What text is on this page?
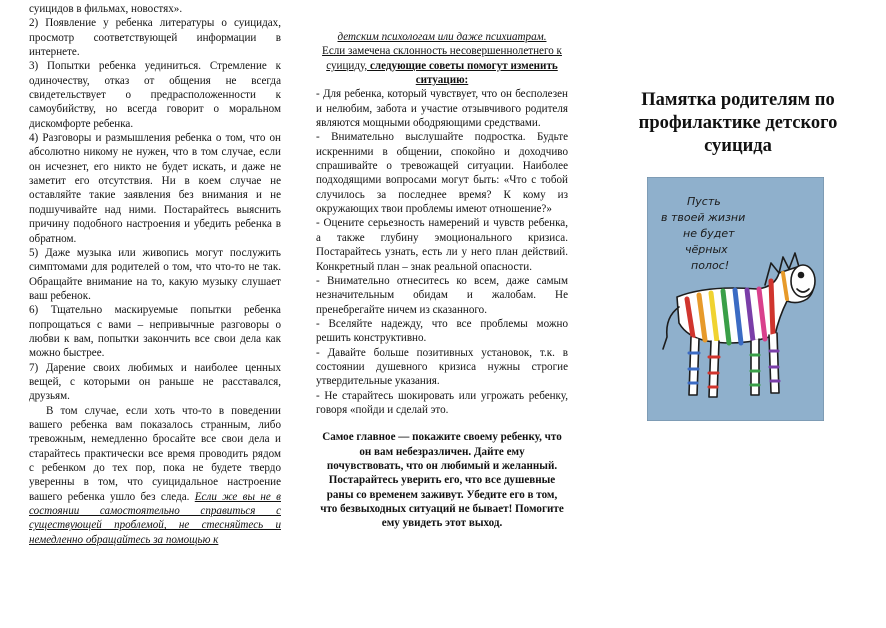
суицидов в фильмах, новостях».

2) Появление у ребенка литературы о суицидах, просмотр соответствующей информации в интернете.

3) Попытки ребенка уединиться. Стремление к одиночеству, отказ от общения не всегда свидетельствует о предрасположенности к самоубийству, но всегда говорит о моральном дискомфорте ребенка.

4) Разговоры и размышления ребенка о том, что он абсолютно никому не нужен, что в том случае, если он исчезнет, его никто не будет искать, и даже не заметит его отсутствия. Ни в коем случае не оставляйте такие заявления без внимания и не подшучивайте над ними. Постарайтесь выяснить причину подобного настроения и убедить ребенка в обратном.

5) Даже музыка или живопись могут послужить симптомами для родителей о том, что что-то не так. Обращайте внимание на то, какую музыку слушает ваш ребенок.

6) Тщательно маскируемые попытки ребенка попрощаться с вами – непривычные разговоры о любви к вам, попытки закончить все свои дела как можно быстрее.

7) Дарение своих любимых и наиболее ценных вещей, с которыми он раньше не расставался, друзьям.

В том случае, если хоть что-то в поведении вашего ребенка вам показалось странным, либо тревожным, немедленно бросайте все свои дела и старайтесь практически все время проводить рядом с ребенком до тех пор, пока не будете твердо уверенны в том, что суицидальное настроение вашего ребенка ушло без следа. Если же вы не в состоянии самостоятельно справиться с существующей проблемой, не стесняйтесь и немедленно обращайтесь за помощью к

детским психологам или даже психиатрам.

Если замечена склонность несовершеннолетнего к суициду, следующие советы помогут изменить ситуацию:

- Для ребенка, который чувствует, что он бесполезен и нелюбим, забота и участие отзывчивого родителя являются мощными ободряющими средствами.

- Внимательно выслушайте подростка. Будьте искренними в общении, спокойно и доходчиво спрашивайте о тревожащей ситуации. Наиболее подходящими вопросами могут быть: «Что с тобой случилось за последнее время? К кому из окружающих твои проблемы имеют отношение?»

- Оцените серьезность намерений и чувств ребенка, а также глубину эмоционального кризиса. Постарайтесь узнать, есть ли у него план действий. Конкретный план – знак реальной опасности.

- Внимательно отнеситесь ко всем, даже самым незначительным обидам и жалобам. Не пренебрегайте ничем из сказанного.

- Вселяйте надежду, что все проблемы можно решить конструктивно.

- Давайте больше позитивных установок, т.к. в состоянии душевного кризиса нужны строгие утвердительные указания.

- Не старайтесь шокировать или угрожать ребенку, говоря «пойди и сделай это.

Самое главное — покажите своему ребенку, что он вам небезразличен. Дайте ему почувствовать, что он любимый и желанный. Постарайтесь уверить его, что все душевные раны со временем заживут. Убедите его в том, что безвыходных ситуаций не бывает! Помогите ему увидеть этот выход.

Памятка родителям по профилактике детского суицида
Пусть
в твоей жизни
не будет
чёрных
полос!
